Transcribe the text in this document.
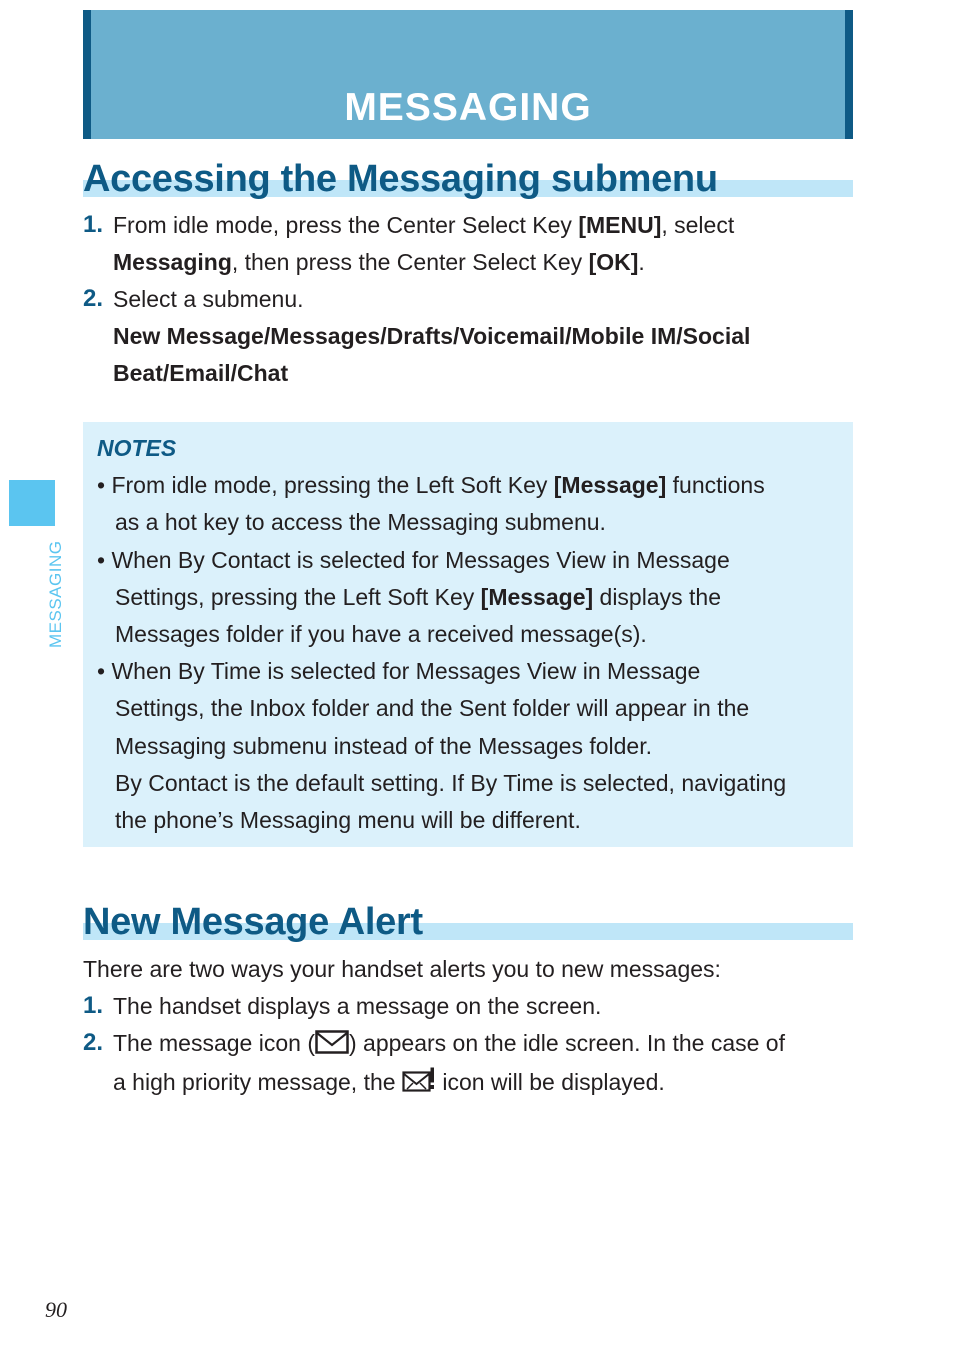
MESSAGING
Accessing the Messaging submenu
1. From idle mode, press the Center Select Key [MENU], select
Messaging, then press the Center Select Key [OK].
2. Select a submenu.
New Message/Messages/Drafts/Voicemail/Mobile IM/Social
Beat/Email/Chat
NOTES
• From idle mode, pressing the Left Soft Key [Message] functions
as a hot key to access the Messaging submenu.
• When By Contact is selected for Messages View in Message
Settings, pressing the Left Soft Key [Message] displays the
Messages folder if you have a received message(s).
• When By Time is selected for Messages View in Message
Settings, the Inbox folder and the Sent folder will appear in the
Messaging submenu instead of the Messages folder.
By Contact is the default setting. If By Time is selected, navigating
the phone’s Messaging menu will be different.
New Message Alert
There are two ways your handset alerts you to new messages:
1. The handset displays a message on the screen.
2. The message icon ( ) appears on the idle screen. In the case of
a high priority message, the  icon will be displayed.
MESSAGING
90
